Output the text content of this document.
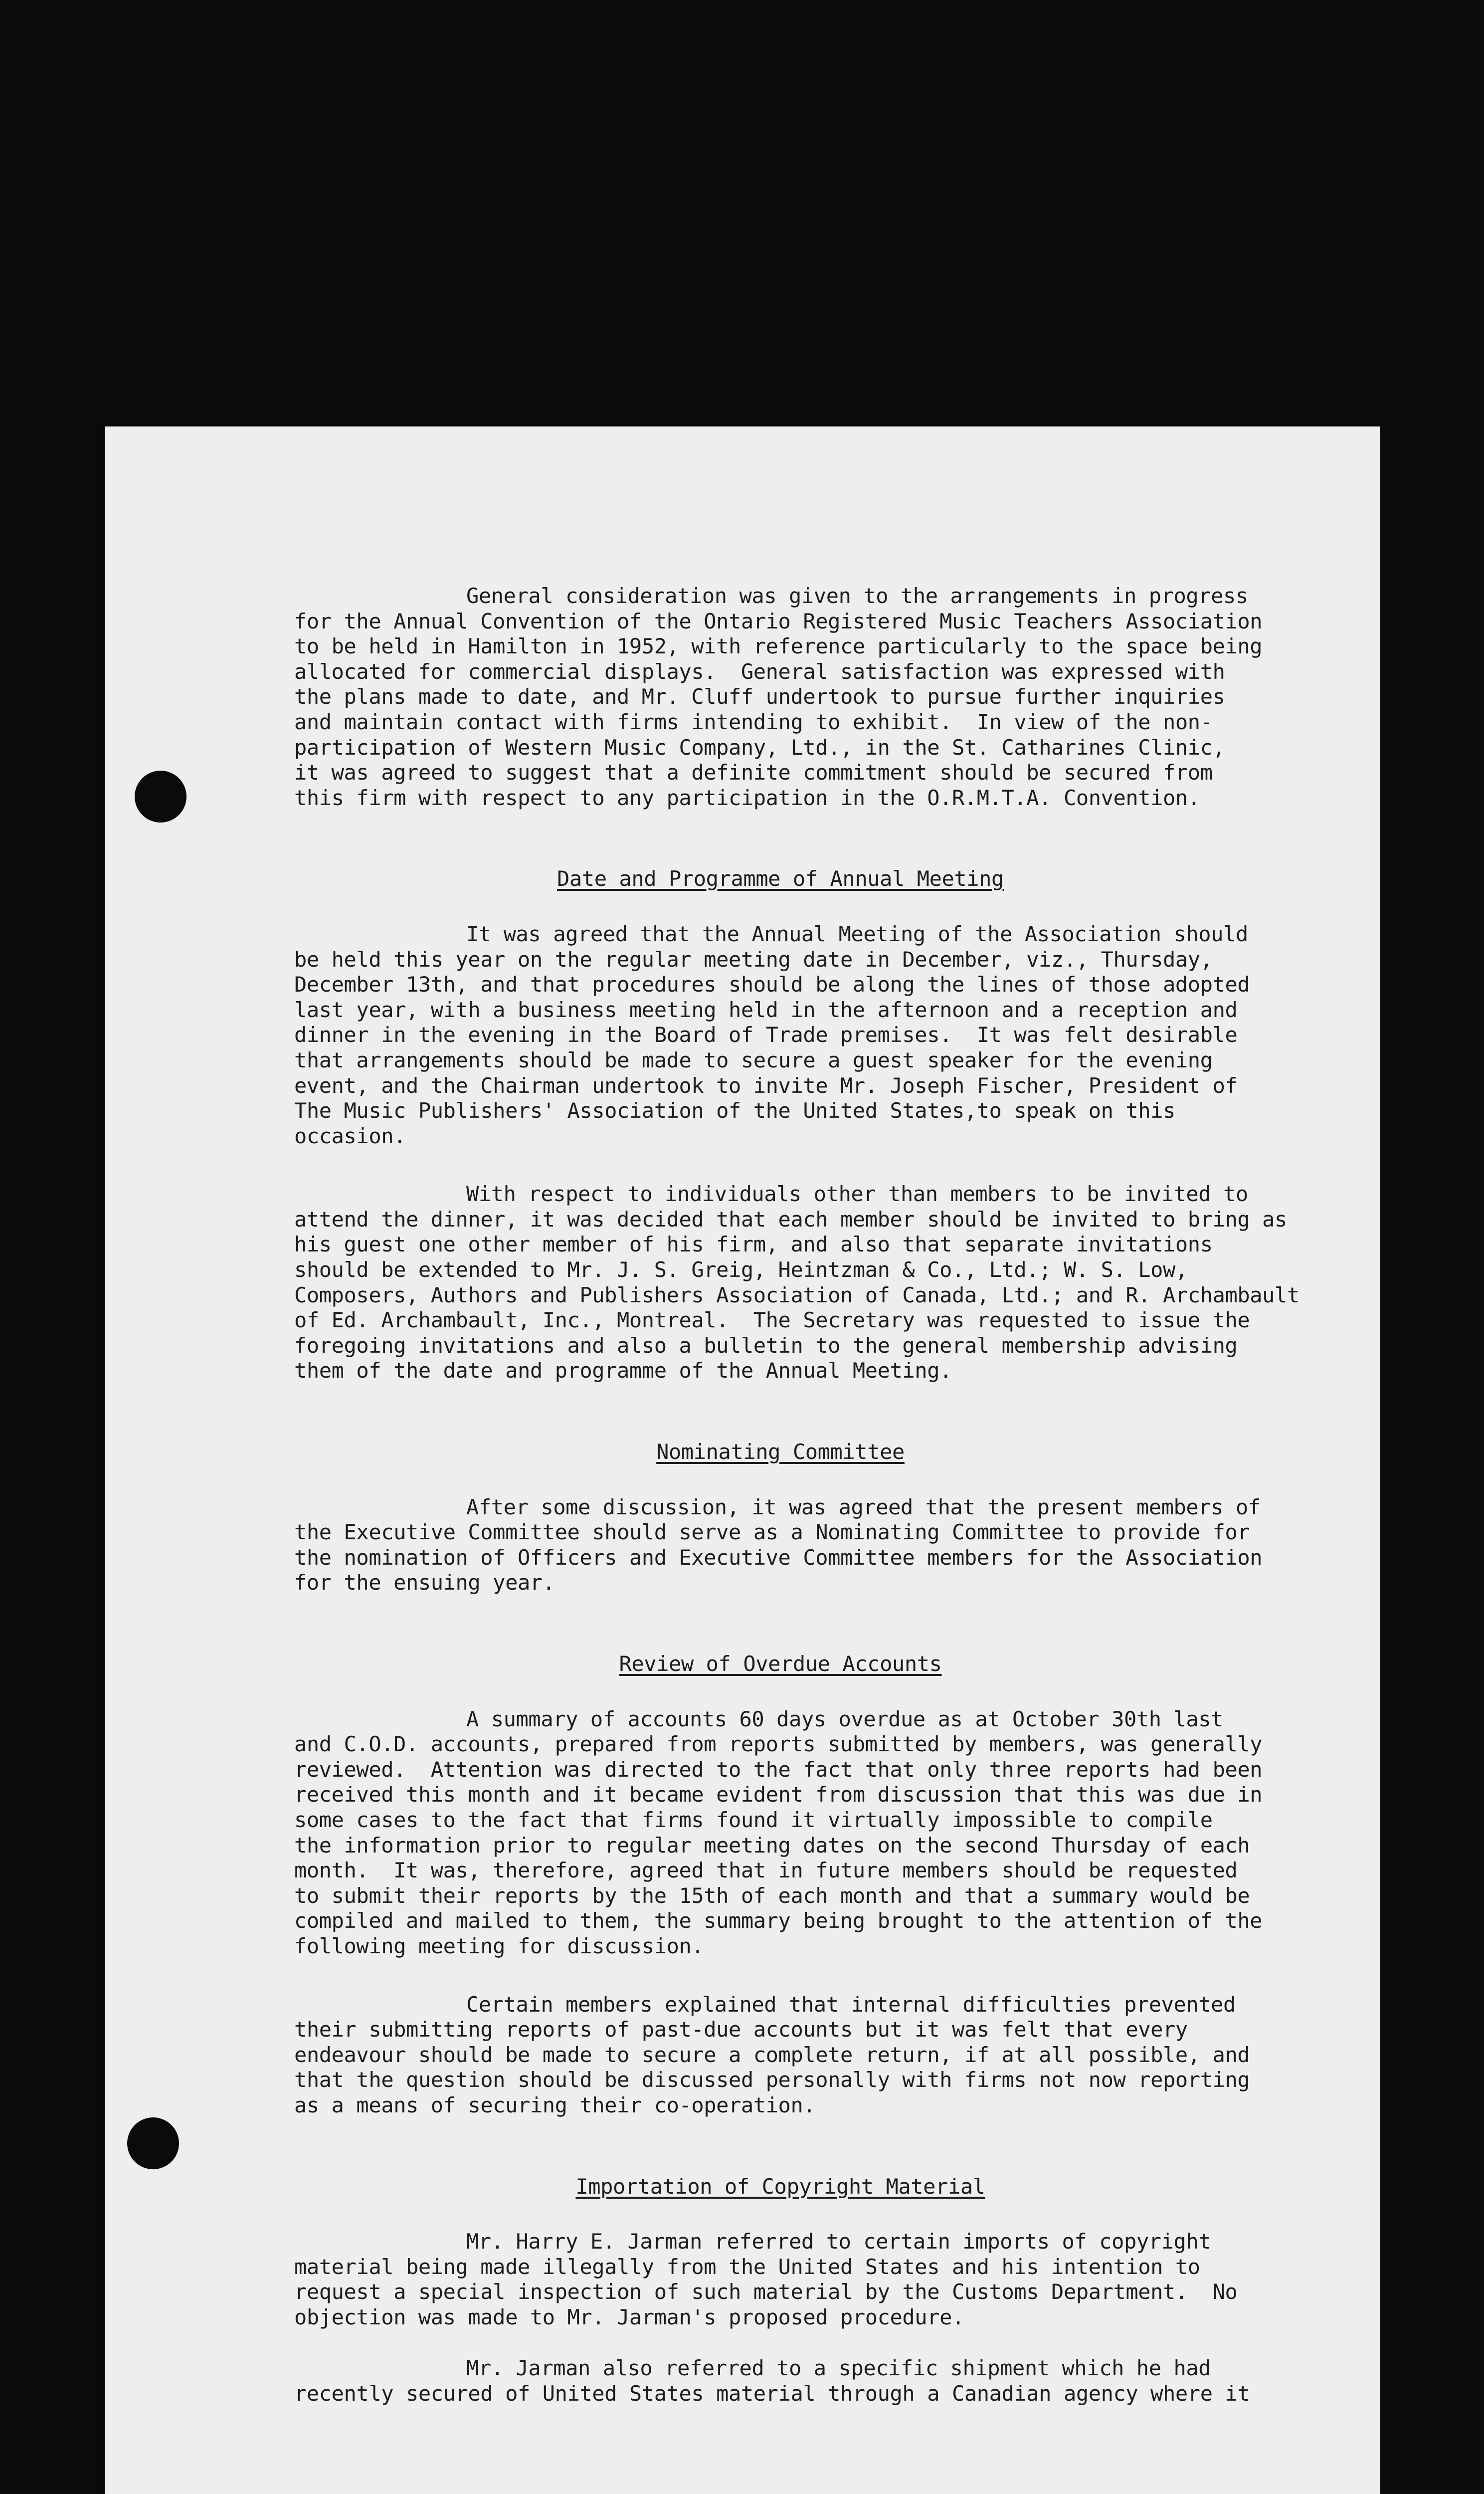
General consideration was given to the arrangements in progress
for the Annual Convention of the Ontario Registered Music Teachers Association
to be held in Hamilton in 1952, with reference particularly to the space being
allocated for commercial displays.  General satisfaction was expressed with
the plans made to date, and Mr. Cluff undertook to pursue further inquiries
and maintain contact with firms intending to exhibit.  In view of the non-
participation of Western Music Company, Ltd., in the St. Catharines Clinic,
it was agreed to suggest that a definite commitment should be secured from
this firm with respect to any participation in the O.R.M.T.A. Convention.
Date and Programme of Annual Meeting
It was agreed that the Annual Meeting of the Association should
be held this year on the regular meeting date in December, viz., Thursday,
December 13th, and that procedures should be along the lines of those adopted
last year, with a business meeting held in the afternoon and a reception and
dinner in the evening in the Board of Trade premises.  It was felt desirable
that arrangements should be made to secure a guest speaker for the evening
event, and the Chairman undertook to invite Mr. Joseph Fischer, President of
The Music Publishers' Association of the United States,to speak on this
occasion.
With respect to individuals other than members to be invited to
attend the dinner, it was decided that each member should be invited to bring as
his guest one other member of his firm, and also that separate invitations
should be extended to Mr. J. S. Greig, Heintzman & Co., Ltd.; W. S. Low,
Composers, Authors and Publishers Association of Canada, Ltd.; and R. Archambault
of Ed. Archambault, Inc., Montreal.  The Secretary was requested to issue the
foregoing invitations and also a bulletin to the general membership advising
them of the date and programme of the Annual Meeting.
Nominating Committee
After some discussion, it was agreed that the present members of
the Executive Committee should serve as a Nominating Committee to provide for
the nomination of Officers and Executive Committee members for the Association
for the ensuing year.
Review of Overdue Accounts
A summary of accounts 60 days overdue as at October 30th last
and C.O.D. accounts, prepared from reports submitted by members, was generally
reviewed.  Attention was directed to the fact that only three reports had been
received this month and it became evident from discussion that this was due in
some cases to the fact that firms found it virtually impossible to compile
the information prior to regular meeting dates on the second Thursday of each
month.  It was, therefore, agreed that in future members should be requested
to submit their reports by the 15th of each month and that a summary would be
compiled and mailed to them, the summary being brought to the attention of the
following meeting for discussion.
Certain members explained that internal difficulties prevented
their submitting reports of past-due accounts but it was felt that every
endeavour should be made to secure a complete return, if at all possible, and
that the question should be discussed personally with firms not now reporting
as a means of securing their co-operation.
Importation of Copyright Material
Mr. Harry E. Jarman referred to certain imports of copyright
material being made illegally from the United States and his intention to
request a special inspection of such material by the Customs Department.  No
objection was made to Mr. Jarman's proposed procedure.
Mr. Jarman also referred to a specific shipment which he had
recently secured of United States material through a Canadian agency where it
